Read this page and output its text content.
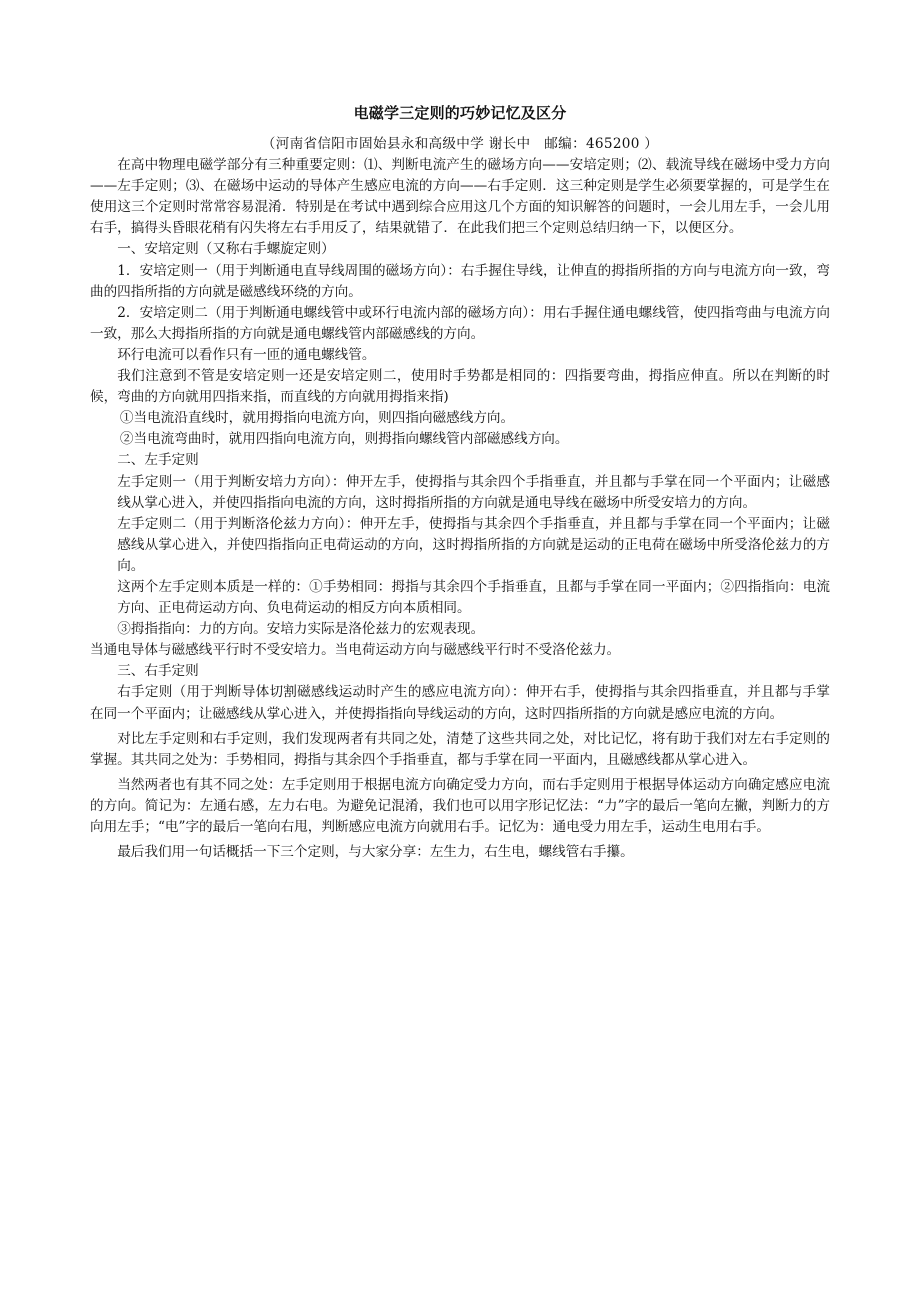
电磁学三定则的巧妙记忆及区分

（河南省信阳市固始县永和高级中学 谢长中　邮编：465200 ）

在高中物理电磁学部分有三种重要定则：⑴、判断电流产生的磁场方向——安培定则；⑵、载流导线在磁场中受力方向——左手定则；⑶、在磁场中运动的导体产生感应电流的方向——右手定则．这三种定则是学生必须要掌握的，可是学生在使用这三个定则时常常容易混淆．特别是在考试中遇到综合应用这几个方面的知识解答的问题时，一会儿用左手，一会儿用右手，搞得头昏眼花稍有闪失将左右手用反了，结果就错了．在此我们把三个定则总结归纳一下，以便区分。

一、安培定则（又称右手螺旋定则）

1．安培定则一（用于判断通电直导线周围的磁场方向）：右手握住导线，让伸直的拇指所指的方向与电流方向一致，弯曲的四指所指的方向就是磁感线环绕的方向。

2．安培定则二（用于判断通电螺线管中或环行电流内部的磁场方向）：用右手握住通电螺线管，使四指弯曲与电流方向一致，那么大拇指所指的方向就是通电螺线管内部磁感线的方向。

环行电流可以看作只有一匝的通电螺线管。

我们注意到不管是安培定则一还是安培定则二，使用时手势都是相同的：四指要弯曲，拇指应伸直。所以在判断的时候，弯曲的方向就用四指来指，而直线的方向就用拇指来指)

①当电流沿直线时，就用拇指向电流方向，则四指向磁感线方向。

②当电流弯曲时，就用四指向电流方向，则拇指向螺线管内部磁感线方向。

二、左手定则

左手定则一（用于判断安培力方向）：伸开左手，使拇指与其余四个手指垂直，并且都与手掌在同一个平面内；让磁感线从掌心进入，并使四指指向电流的方向，这时拇指所指的方向就是通电导线在磁场中所受安培力的方向。

左手定则二（用于判断洛伦兹力方向）：伸开左手，使拇指与其余四个手指垂直，并且都与手掌在同一个平面内；让磁感线从掌心进入，并使四指指向正电荷运动的方向，这时拇指所指的方向就是运动的正电荷在磁场中所受洛伦兹力的方向。

这两个左手定则本质是一样的：①手势相同：拇指与其余四个手指垂直，且都与手掌在同一平面内；②四指指向：电流方向、正电荷运动方向、负电荷运动的相反方向本质相同。

③拇指指向：力的方向。安培力实际是洛伦兹力的宏观表现。

当通电导体与磁感线平行时不受安培力。当电荷运动方向与磁感线平行时不受洛伦兹力。

三、右手定则

右手定则（用于判断导体切割磁感线运动时产生的感应电流方向）：伸开右手，使拇指与其余四指垂直，并且都与手掌在同一个平面内；让磁感线从掌心进入，并使拇指指向导线运动的方向，这时四指所指的方向就是感应电流的方向。

对比左手定则和右手定则，我们发现两者有共同之处，清楚了这些共同之处，对比记忆，将有助于我们对左右手定则的掌握。其共同之处为：手势相同，拇指与其余四个手指垂直，都与手掌在同一平面内，且磁感线都从掌心进入。

当然两者也有其不同之处：左手定则用于根据电流方向确定受力方向，而右手定则用于根据导体运动方向确定感应电流的方向。简记为：左通右感，左力右电。为避免记混淆，我们也可以用字形记忆法：“力”字的最后一笔向左撇，判断力的方向用左手；“电”字的最后一笔向右甩，判断感应电流方向就用右手。记忆为：通电受力用左手，运动生电用右手。

最后我们用一句话概括一下三个定则，与大家分享：左生力，右生电，螺线管右手攥。
